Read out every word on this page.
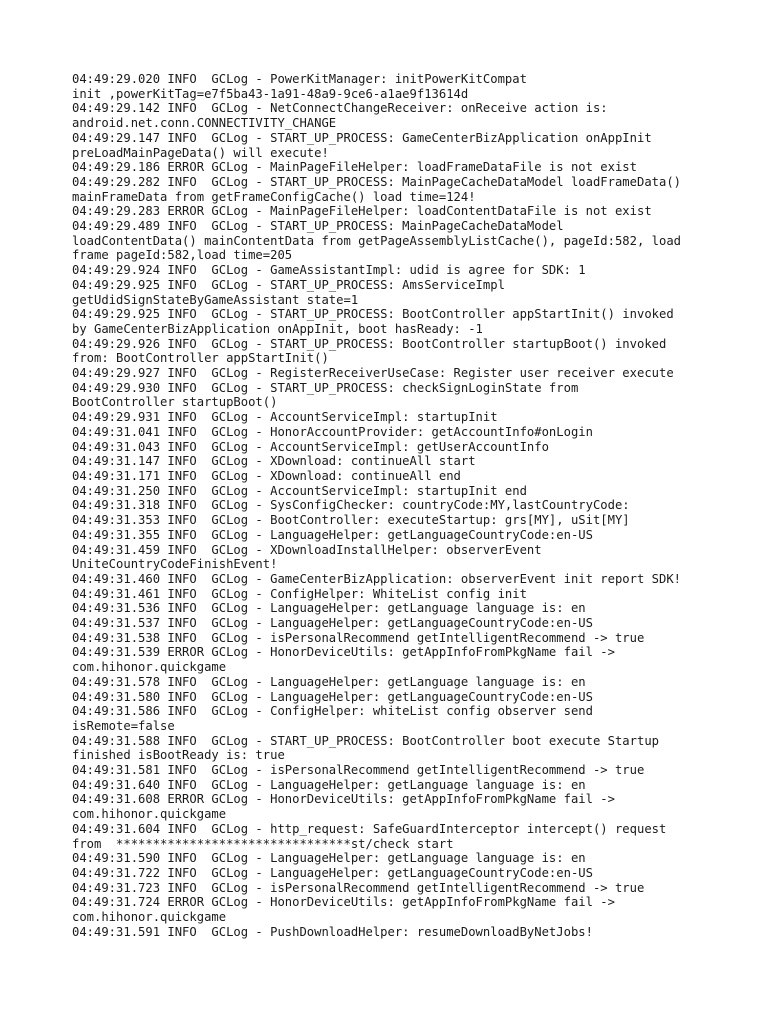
04:49:29.020 INFO  GCLog - PowerKitManager: initPowerKitCompat
init ,powerKitTag=e7f5ba43-1a91-48a9-9ce6-a1ae9f13614d
04:49:29.142 INFO  GCLog - NetConnectChangeReceiver: onReceive action is:
android.net.conn.CONNECTIVITY_CHANGE
04:49:29.147 INFO  GCLog - START_UP_PROCESS: GameCenterBizApplication onAppInit
preLoadMainPageData() will execute!
04:49:29.186 ERROR GCLog - MainPageFileHelper: loadFrameDataFile is not exist
04:49:29.282 INFO  GCLog - START_UP_PROCESS: MainPageCacheDataModel loadFrameData()
mainFrameData from getFrameConfigCache() load time=124!
04:49:29.283 ERROR GCLog - MainPageFileHelper: loadContentDataFile is not exist
04:49:29.489 INFO  GCLog - START_UP_PROCESS: MainPageCacheDataModel
loadContentData() mainContentData from getPageAssemblyListCache(), pageId:582, load
frame pageId:582,load time=205
04:49:29.924 INFO  GCLog - GameAssistantImpl: udid is agree for SDK: 1
04:49:29.925 INFO  GCLog - START_UP_PROCESS: AmsServiceImpl
getUdidSignStateByGameAssistant state=1
04:49:29.925 INFO  GCLog - START_UP_PROCESS: BootController appStartInit() invoked
by GameCenterBizApplication onAppInit, boot hasReady: -1
04:49:29.926 INFO  GCLog - START_UP_PROCESS: BootController startupBoot() invoked
from: BootController appStartInit()
04:49:29.927 INFO  GCLog - RegisterReceiverUseCase: Register user receiver execute
04:49:29.930 INFO  GCLog - START_UP_PROCESS: checkSignLoginState from
BootController startupBoot()
04:49:29.931 INFO  GCLog - AccountServiceImpl: startupInit
04:49:31.041 INFO  GCLog - HonorAccountProvider: getAccountInfo#onLogin
04:49:31.043 INFO  GCLog - AccountServiceImpl: getUserAccountInfo
04:49:31.147 INFO  GCLog - XDownload: continueAll start
04:49:31.171 INFO  GCLog - XDownload: continueAll end
04:49:31.250 INFO  GCLog - AccountServiceImpl: startupInit end
04:49:31.318 INFO  GCLog - SysConfigChecker: countryCode:MY,lastCountryCode:
04:49:31.353 INFO  GCLog - BootController: executeStartup: grs[MY], uSit[MY]
04:49:31.355 INFO  GCLog - LanguageHelper: getLanguageCountryCode:en-US
04:49:31.459 INFO  GCLog - XDownloadInstallHelper: observerEvent
UniteCountryCodeFinishEvent!
04:49:31.460 INFO  GCLog - GameCenterBizApplication: observerEvent init report SDK!
04:49:31.461 INFO  GCLog - ConfigHelper: WhiteList config init
04:49:31.536 INFO  GCLog - LanguageHelper: getLanguage language is: en
04:49:31.537 INFO  GCLog - LanguageHelper: getLanguageCountryCode:en-US
04:49:31.538 INFO  GCLog - isPersonalRecommend getIntelligentRecommend -> true
04:49:31.539 ERROR GCLog - HonorDeviceUtils: getAppInfoFromPkgName fail ->
com.hihonor.quickgame
04:49:31.578 INFO  GCLog - LanguageHelper: getLanguage language is: en
04:49:31.580 INFO  GCLog - LanguageHelper: getLanguageCountryCode:en-US
04:49:31.586 INFO  GCLog - ConfigHelper: whiteList config observer send
isRemote=false
04:49:31.588 INFO  GCLog - START_UP_PROCESS: BootController boot execute Startup
finished isBootReady is: true
04:49:31.581 INFO  GCLog - isPersonalRecommend getIntelligentRecommend -> true
04:49:31.640 INFO  GCLog - LanguageHelper: getLanguage language is: en
04:49:31.608 ERROR GCLog - HonorDeviceUtils: getAppInfoFromPkgName fail ->
com.hihonor.quickgame
04:49:31.604 INFO  GCLog - http_request: SafeGuardInterceptor intercept() request
from  ********************************st/check start
04:49:31.590 INFO  GCLog - LanguageHelper: getLanguage language is: en
04:49:31.722 INFO  GCLog - LanguageHelper: getLanguageCountryCode:en-US
04:49:31.723 INFO  GCLog - isPersonalRecommend getIntelligentRecommend -> true
04:49:31.724 ERROR GCLog - HonorDeviceUtils: getAppInfoFromPkgName fail ->
com.hihonor.quickgame
04:49:31.591 INFO  GCLog - PushDownloadHelper: resumeDownloadByNetJobs!
